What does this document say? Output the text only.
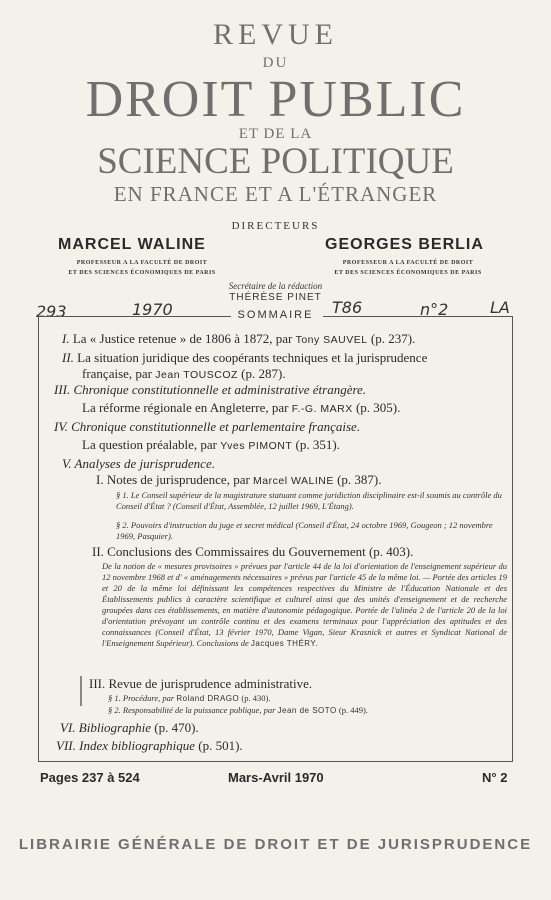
REVUE
DU
DROIT PUBLIC
ET DE LA
SCIENCE POLITIQUE
EN FRANCE ET A L'ÉTRANGER
DIRECTEURS
MARCEL WALINE	GEORGES BERLIA
PROFESSEUR A LA FACULTÉ DE DROIT
ET DES SCIENCES ÉCONOMIQUES DE PARIS
PROFESSEUR A LA FACULTÉ DE DROIT
ET DES SCIENCES ÉCONOMIQUES DE PARIS
Secrétaire de la rédaction
THÉRÈSE PINET
293	1970	T86	n°2	LA
SOMMAIRE
I. La « Justice retenue » de 1806 à 1872, par Tony SAUVEL (p. 237).
II. La situation juridique des coopérants techniques et la jurisprudence
française, par Jean TOUSCOZ (p. 287).
III. Chronique constitutionnelle et administrative étrangère.
La réforme régionale en Angleterre, par F.-G. MARX (p. 305).
IV. Chronique constitutionnelle et parlementaire française.
La question préalable, par Yves PIMONT (p. 351).
V. Analyses de jurisprudence.
I. Notes de jurisprudence, par Marcel WALINE (p. 387).
§ 1. Le Conseil supérieur de la magistrature statuant comme juridiction disciplinaire est-il soumis au contrôle du Conseil d'État ? (Conseil d'État, Assemblée, 12 juillet 1969, L'Étang).
§ 2. Pouvoirs d'instruction du juge et secret médical (Conseil d'État, 24 octobre 1969, Gougeon ; 12 novembre 1969, Pasquier).
II. Conclusions des Commissaires du Gouvernement (p. 403).
De la notion de « mesures provisoires » prévues par l'article 44 de la loi d'orientation de l'enseignement supérieur du 12 novembre 1968 et d' « aménagements nécessaires » prévus par l'article 45 de la même loi. — Portée des articles 19 et 20 de la même loi définissant les compétences respectives du Ministre de l'Éducation Nationale et des Établissements publics à caractère scientifique et culturel ainsi que des unités d'enseignement et de recherche groupées dans ces établissements, en matière d'autonomie pédagogique. Portée de l'alinéa 2 de l'article 20 de la loi d'orientation prévoyant un contrôle continu et des examens terminaux pour l'appréciation des aptitudes et des connaissances (Conseil d'État, 13 février 1970, Dame Vigan, Sieur Krasnick et autres et Syndicat National de l'Enseignement Supérieur). Conclusions de Jacques THÉRY.
III. Revue de jurisprudence administrative.
§ 1. Procédure, par Roland DRAGO (p. 430).
§ 2. Responsabilité de la puissance publique, par Jean de SOTO (p. 449).
VI. Bibliographie (p. 470).
VII. Index bibliographique (p. 501).
Pages 237 à 524	Mars-Avril 1970	N° 2
LIBRAIRIE GÉNÉRALE DE DROIT ET DE JURISPRUDENCE
